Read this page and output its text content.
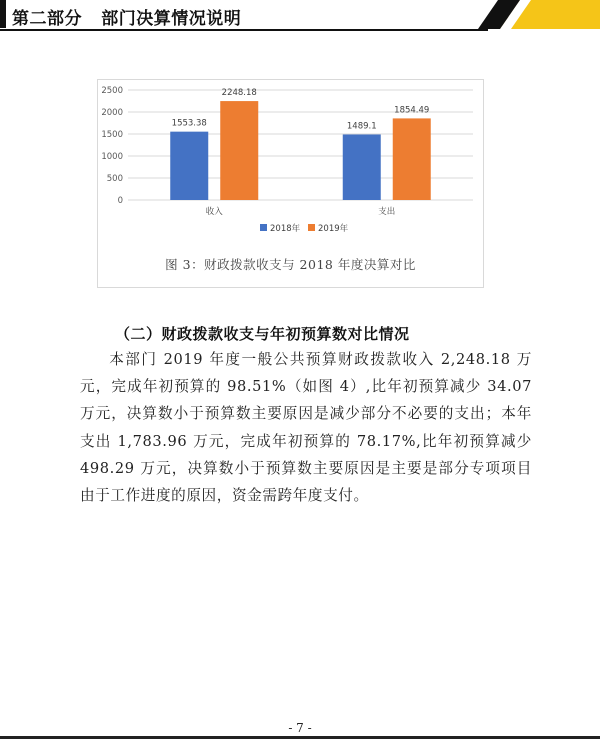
第二部分 部门决算情况说明
0
500
1000
1500
2000
2500
1553.38
2248.18
收入
1489.1
1854.49
支出
2018年 2019年
图 3：财政拨款收支与 2018 年度决算对比
（二）财政拨款收支与年初预算数对比情况
本部门 2019 年度一般公共预算财政拨款收入 2,248.18 万元，完成年初预算的 98.51%（如图 4）,比年初预算减少 34.07 万元，决算数小于预算数主要原因是减少部分不必要的支出；本年支出 1,783.96 万元，完成年初预算的 78.17%,比年初预算减少 498.29 万元，决算数小于预算数主要原因是主要是部分专项项目由于工作进度的原因，资金需跨年度支付。
- 7 -
